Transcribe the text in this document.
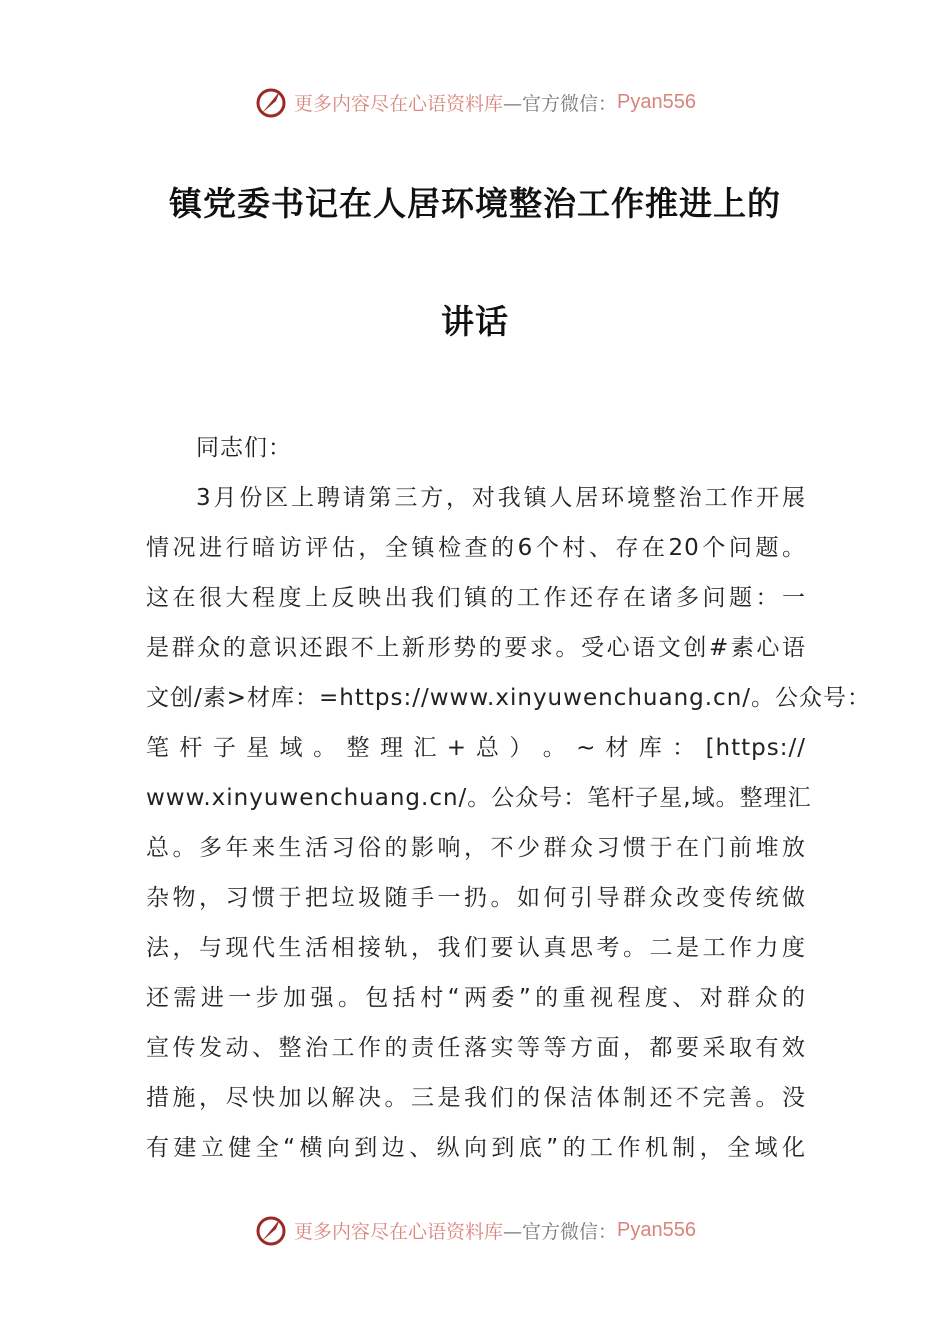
更多内容尽在心语资料库 —官方微信： Pyan556
镇党委书记在人居环境整治工作推进上的
讲话
同志们：
3月份区上聘请第三方，对我镇人居环境整治工作开展
情况进行暗访评估，全镇检查的6个村、存在20个问题。
这在很大程度上反映出我们镇的工作还存在诸多问题：一
是群众的意识还跟不上新形势的要求。受心语文创#素心语
文创/素>材库：=https://www.xinyuwenchuang.cn/。公众号：
笔 杆 子 星 域 。 整 理 汇 + 总 ） 。 ~ 材 库 ： [https://
www.xinyuwenchuang.cn/。公众号：笔杆子星,域。整理汇
总。多年来生活习俗的影响，不少群众习惯于在门前堆放
杂物，习惯于把垃圾随手一扔。如何引导群众改变传统做
法，与现代生活相接轨，我们要认真思考。二是工作力度
还需进一步加强。包括村“两委”的重视程度、对群众的
宣传发动、整治工作的责任落实等等方面，都要采取有效
措施，尽快加以解决。三是我们的保洁体制还不完善。没
有建立健全“横向到边、纵向到底”的工作机制，全域化
更多内容尽在心语资料库 —官方微信： Pyan556
